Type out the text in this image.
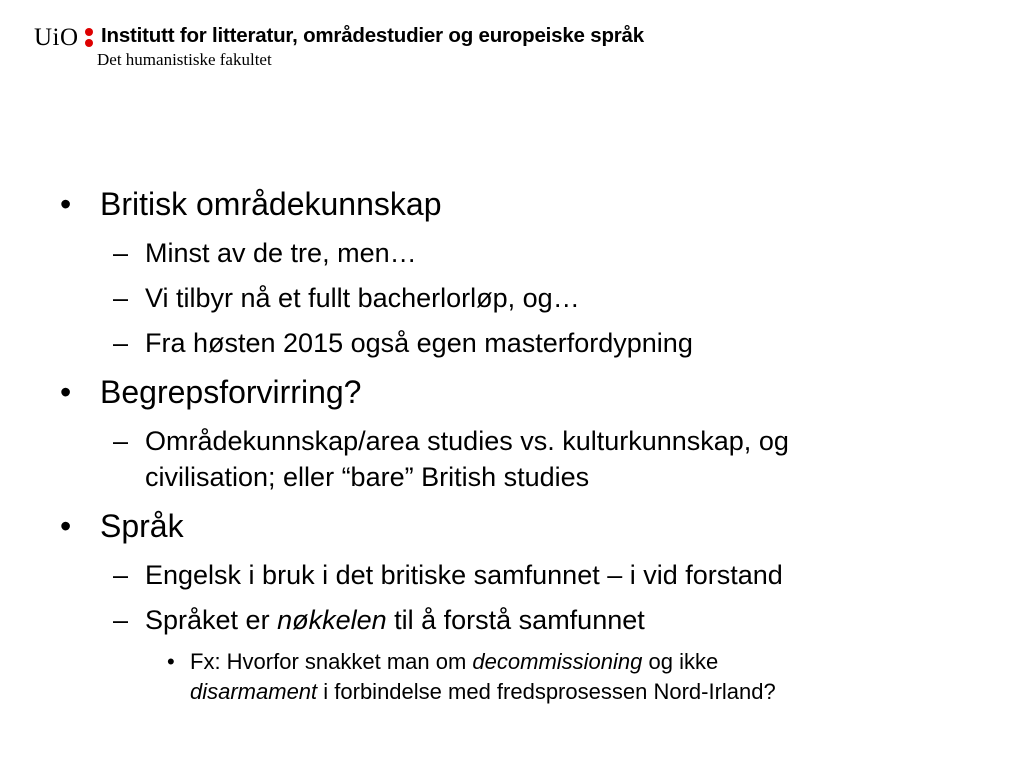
UiO Institutt for litteratur, områdestudier og europeiske språk
Det humanistiske fakultet
• Britisk områdekunnskap
– Minst av de tre, men…
– Vi tilbyr nå et fullt bacherlorløp, og…
– Fra høsten 2015 også egen masterfordypning
• Begrepsforvirring?
– Områdekunnskap/area studies vs. kulturkunnskap, og
civilisation; eller “bare” British studies
• Språk
– Engelsk i bruk i det britiske samfunnet – i vid forstand
– Språket er nøkkelen til å forstå samfunnet
• Fx: Hvorfor snakket man om decommissioning og ikke
disarmament i forbindelse med fredsprosessen Nord-Irland?
